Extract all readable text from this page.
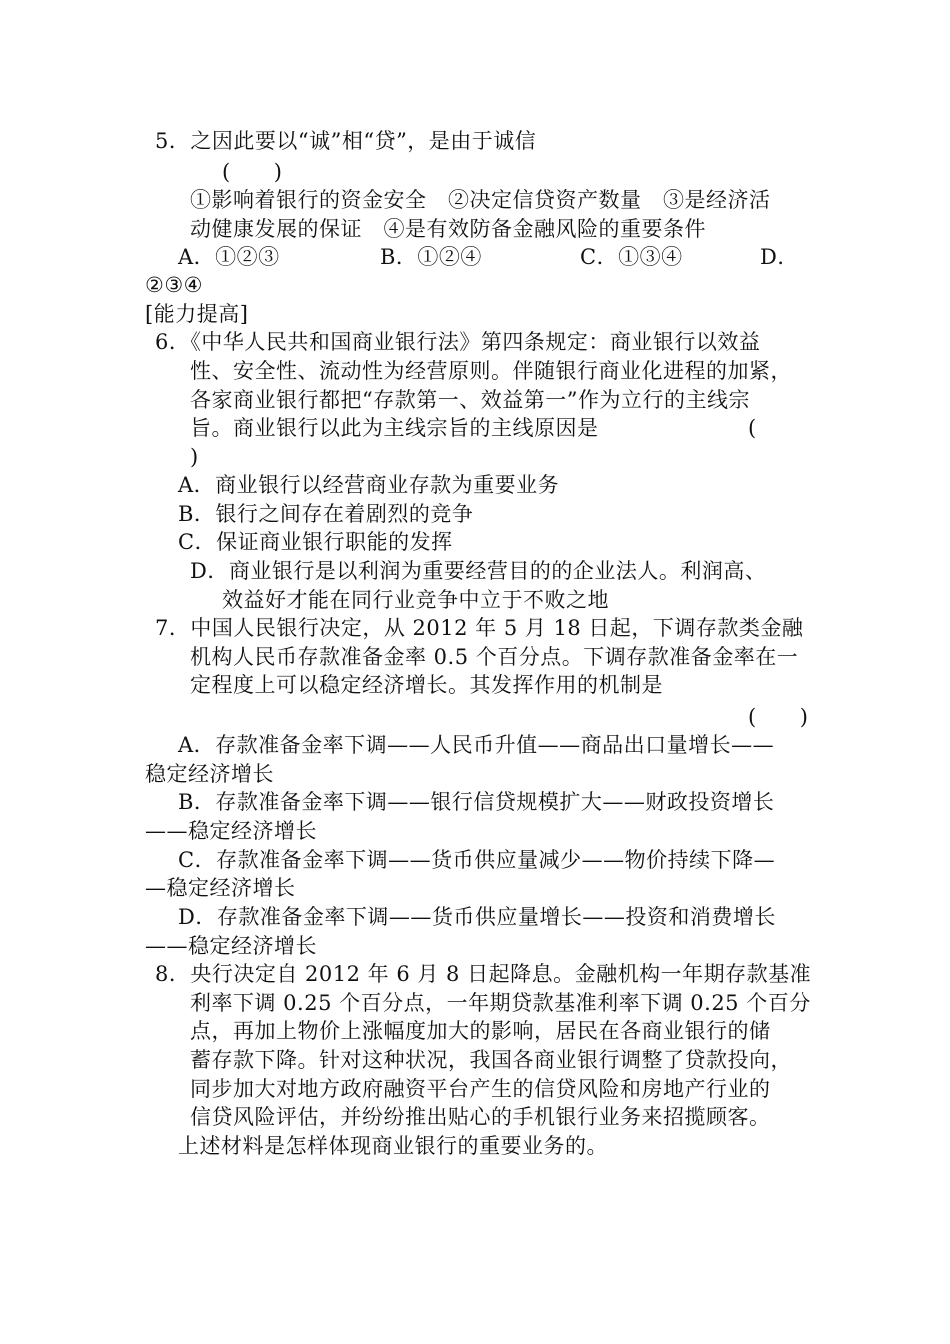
5．之因此要以“诚”相“贷”，是由于诚信
(　　)
①影响着银行的资金安全　②决定信贷资产数量　③是经济活
动健康发展的保证　④是有效防备金融风险的重要条件
A．①②③	B．①②④	C．①③④	D．
②③④
[能力提高]
6．《中华人民共和国商业银行法》第四条规定：商业银行以效益
性、安全性、流动性为经营原则。伴随银行商业化进程的加紧，
各家商业银行都把“存款第一、效益第一”作为立行的主线宗
旨。商业银行以此为主线宗旨的主线原因是	(
)
A．商业银行以经营商业存款为重要业务
B．银行之间存在着剧烈的竞争
C．保证商业银行职能的发挥
D．商业银行是以利润为重要经营目的的企业法人。利润高、
效益好才能在同行业竞争中立于不败之地
7．中国人民银行决定，从 2012 年 5 月 18 日起，下调存款类金融
机构人民币存款准备金率 0.5 个百分点。下调存款准备金率在一
定程度上可以稳定经济增长。其发挥作用的机制是
(　　)
A．存款准备金率下调——人民币升值——商品出口量增长——
稳定经济增长
B．存款准备金率下调——银行信贷规模扩大——财政投资增长
——稳定经济增长
C．存款准备金率下调——货币供应量减少——物价持续下降—
—稳定经济增长
D．存款准备金率下调——货币供应量增长——投资和消费增长
——稳定经济增长
8．央行决定自 2012 年 6 月 8 日起降息。金融机构一年期存款基准
利率下调 0.25 个百分点，一年期贷款基准利率下调 0.25 个百分
点，再加上物价上涨幅度加大的影响，居民在各商业银行的储
蓄存款下降。针对这种状况，我国各商业银行调整了贷款投向，
同步加大对地方政府融资平台产生的信贷风险和房地产行业的
信贷风险评估，并纷纷推出贴心的手机银行业务来招揽顾客。
上述材料是怎样体现商业银行的重要业务的。
